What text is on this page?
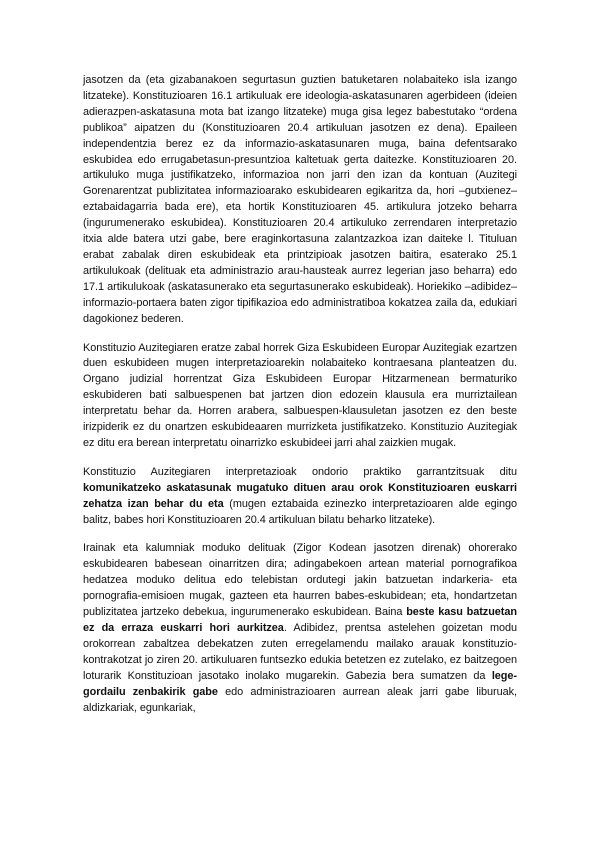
jasotzen da (eta gizabanakoen segurtasun guztien batuketaren nolabaiteko isla izango litzateke). Konstituzioaren 16.1 artikuluak ere ideologia-askatasunaren agerbideen (ideien adierazpen-askatasuna mota bat izango litzateke) muga gisa legez babestutako “ordena publikoa” aipatzen du (Konstituzioaren 20.4 artikuluan jasotzen ez dena). Epaileen independentzia berez ez da informazio-askatasunaren muga, baina defentsarako eskubidea edo errugabetasun-presuntzioa kaltetuak gerta daitezke. Konstituzioaren 20. artikuluko muga justifikatzeko, informazioa non jarri den izan da kontuan (Auzitegi Gorenarentzat publizitatea informazioarako eskubidearen egikaritza da, hori –gutxienez– eztabaidagarria bada ere), eta hortik Konstituzioaren 45. artikulura jotzeko beharra (ingurumenerako eskubidea). Konstituzioaren 20.4 artikuluko zerrendaren interpretazio itxia alde batera utzi gabe, bere eraginkortasuna zalantzazkoa izan daiteke l. Tituluan erabat zabalak diren eskubideak eta printzipioak jasotzen baitira, esaterako 25.1 artikulukoak (delituak eta administrazio arau-hausteak aurrez legerian jaso beharra) edo 17.1 artikulukoak (askatasunerako eta segurtasunerako eskubideak). Horiekiko –adibidez– informazio-portaera baten zigor tipifikazioa edo administratiboa kokatzea zaila da, edukiari dagokionez bederen.

Konstituzio Auzitegiaren eratze zabal horrek Giza Eskubideen Europar Auzitegiak ezartzen duen eskubideen mugen interpretazioarekin nolabaiteko kontraesana planteatzen du. Organo judizial horrentzat Giza Eskubideen Europar Hitzarmenean bermaturiko eskubideren bati salbuespenen bat jartzen dion edozein klausula era murriztailean interpretatu behar da. Horren arabera, salbuespen-klausuletan jasotzen ez den beste irizpiderik ez du onartzen eskubideaaren murrizketa justifikatzeko. Konstituzio Auzitegiak ez ditu era berean interpretatu oinarrizko eskubideei jarri ahal zaizkien mugak.

Konstituzio Auzitegiaren interpretazioak ondorio praktiko garrantzitsuak ditu komunikatzeko askatasunak mugatuko dituen arau orok Konstituzioaren euskarri zehatza izan behar du eta (mugen eztabaida ezinezko interpretazioaren alde egingo balitz, babes hori Konstituzioaren 20.4 artikuluan bilatu beharko litzateke).

Irainak eta kalumniak moduko delituak (Zigor Kodean jasotzen direnak) ohorerako eskubidearen babesean oinarritzen dira; adingabekoen artean material pornografikoa hedatzea moduko delitua edo telebistan ordutegi jakin batzuetan indarkeria- eta pornografia-emisioen mugak, gazteen eta haurren babes-eskubidean; eta, hondartzetan publizitatea jartzeko debekua, ingurumenerako eskubidean. Baina beste kasu batzuetan ez da erraza euskarri hori aurkitzea. Adibidez, prentsa astelehen goizetan modu orokorrean zabaltzea debekatzen zuten erregelamendu mailako arauak konstituzio-kontrakotzat jo ziren 20. artikuluaren funtsezko edukia betetzen ez zutelako, ez baitzegoen loturarik Konstituzioan jasotako inolako mugarekin. Gabezia bera sumatzen da lege-gordailu zenbakirik gabe edo administrazioaren aurrean aleak jarri gabe liburuak, aldizkariak, egunkariak,
